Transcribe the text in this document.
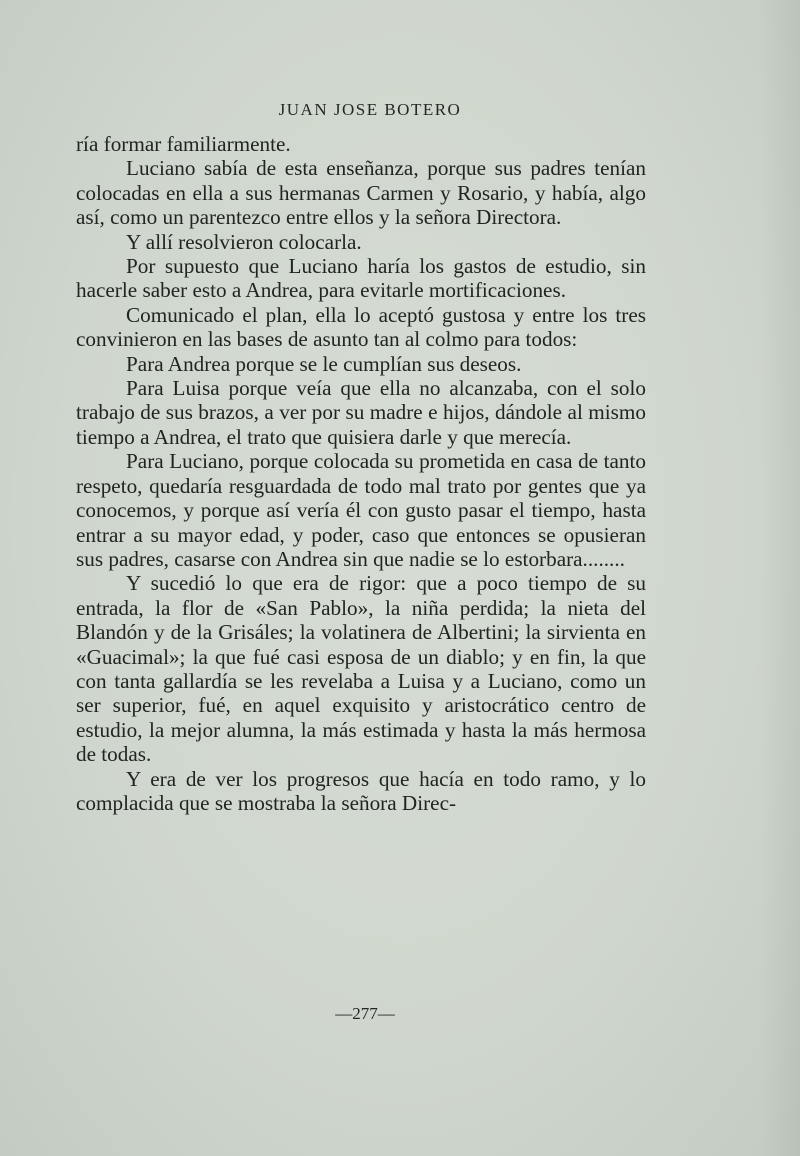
JUAN JOSE BOTERO

ría formar familiarmente.

Luciano sabía de esta enseñanza, porque sus padres tenían colocadas en ella a sus hermanas Carmen y Rosario, y había, algo así, como un parentezco entre ellos y la señora Directora.

Y allí resolvieron colocarla.

Por supuesto que Luciano haría los gastos de estudio, sin hacerle saber esto a Andrea, para evitarle mortificaciones.

Comunicado el plan, ella lo aceptó gustosa y entre los tres convinieron en las bases de asunto tan al colmo para todos:

Para Andrea porque se le cumplían sus deseos.

Para Luisa porque veía que ella no alcanzaba, con el solo trabajo de sus brazos, a ver por su madre e hijos, dándole al mismo tiempo a Andrea, el trato que quisiera darle y que merecía.

Para Luciano, porque colocada su prometida en casa de tanto respeto, quedaría resguardada de todo mal trato por gentes que ya conocemos, y porque así vería él con gusto pasar el tiempo, hasta entrar a su mayor edad, y poder, caso que entonces se opusieran sus padres, casarse con Andrea sin que nadie se lo estorbara........

Y sucedió lo que era de rigor: que a poco tiempo de su entrada, la flor de «San Pablo», la niña perdida; la nieta del Blandón y de la Grisáles; la volatinera de Albertini; la sirvienta en «Guacimal»; la que fué casi esposa de un diablo; y en fin, la que con tanta gallardía se les revelaba a Luisa y a Luciano, como un ser superior, fué, en aquel exquisito y aristocrático centro de estudio, la mejor alumna, la más estimada y hasta la más hermosa de todas.

Y era de ver los progresos que hacía en todo ramo, y lo complacida que se mostraba la señora Direc-

—277—
